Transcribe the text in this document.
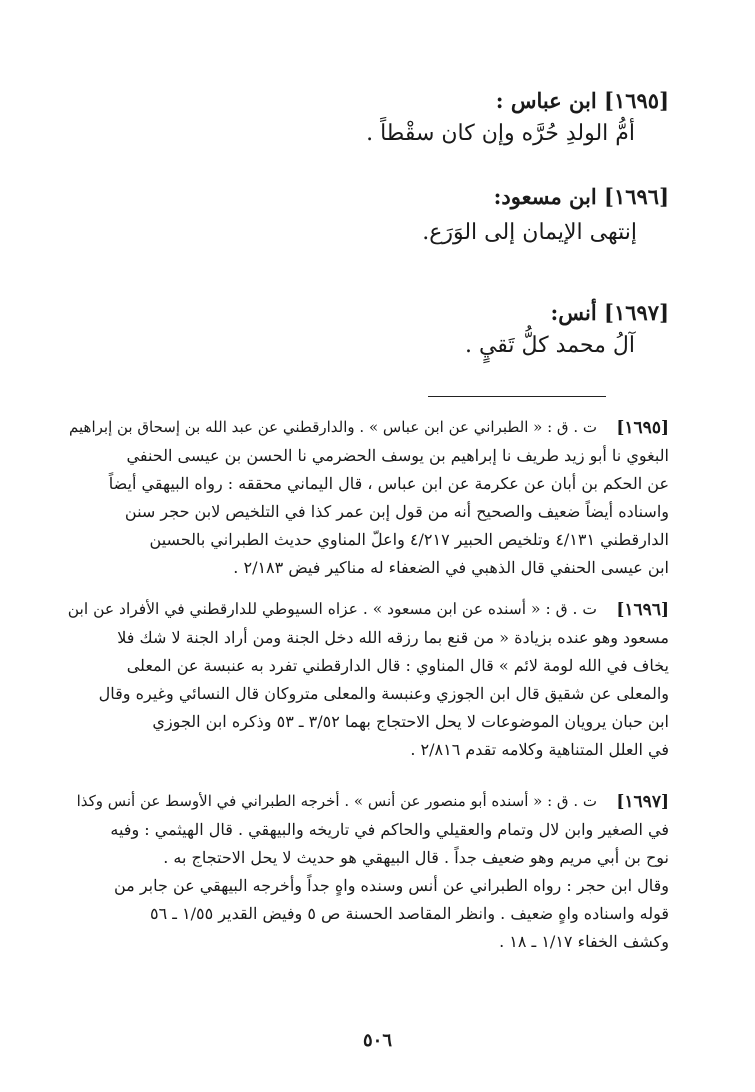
[١٦٩٥] ابن عباس :
أمُّ الولدِ حُرَّه وإن كان سقْطاً .
[١٦٩٦] ابن مسعود:
إنتهى الإيمان إلى الوَرَع.
[١٦٩٧] أنس:
آلُ محمد كلُّ تَقيٍ .
[١٦٩٥]
ت . ق : « الطبراني عن ابن عباس » . والدارقطني عن عبد الله بن إسحاق بن إبراهيم
البغوي نا أبو زيد طريف نا إبراهيم بن يوسف الحضرمي نا الحسن بن عيسى الحنفي
عن الحكم بن أبان عن عكرمة عن ابن عباس ، قال اليماني محققه : رواه البيهقي أيضاً
واسناده أيضاً ضعيف والصحيح أنه من قول إبن عمر كذا في التلخيص لابن حجر سنن
الدارقطني ٤/١٣١ وتلخيص الحبير ٤/٢١٧ واعلّ المناوي حديث الطبراني بالحسين
ابن عيسى الحنفي قال الذهبي في الضعفاء له مناكير فيض ٢/١٨٣ .
[١٦٩٦]
ت . ق : « أسنده عن ابن مسعود » . عزاه السيوطي للدارقطني في الأفراد عن ابن
مسعود وهو عنده بزيادة « من قنع بما رزقه الله دخل الجنة ومن أراد الجنة لا شك فلا
يخاف في الله لومة لائم » قال المناوي : قال الدارقطني تفرد به عنبسة عن المعلى
والمعلى عن شقيق قال ابن الجوزي وعنبسة والمعلى متروكان قال النسائي وغيره وقال
ابن حبان يرويان الموضوعات لا يحل الاحتجاج بهما ٣/٥٢ ـ ٥٣ وذكره ابن الجوزي
في العلل المتناهية وكلامه تقدم ٢/٨١٦ .
[١٦٩٧]
ت . ق : « أسنده أبو منصور عن أنس » . أخرجه الطبراني في الأوسط عن أنس وكذا
في الصغير وابن لال وتمام والعقيلي والحاكم في تاريخه والبيهقي . قال الهيثمي : وفيه
نوح بن أبي مريم وهو ضعيف جداً . قال البيهقي هو حديث لا يحل الاحتجاج به .
وقال ابن حجر : رواه الطبراني عن أنس وسنده واهٍ جداً وأخرجه البيهقي عن جابر من
قوله واسناده واهٍ ضعيف . وانظر المقاصد الحسنة ص ٥ وفيض القدير ١/٥٥ ـ ٥٦
وكشف الخفاء ١/١٧ ـ ١٨ .
٥٠٦
